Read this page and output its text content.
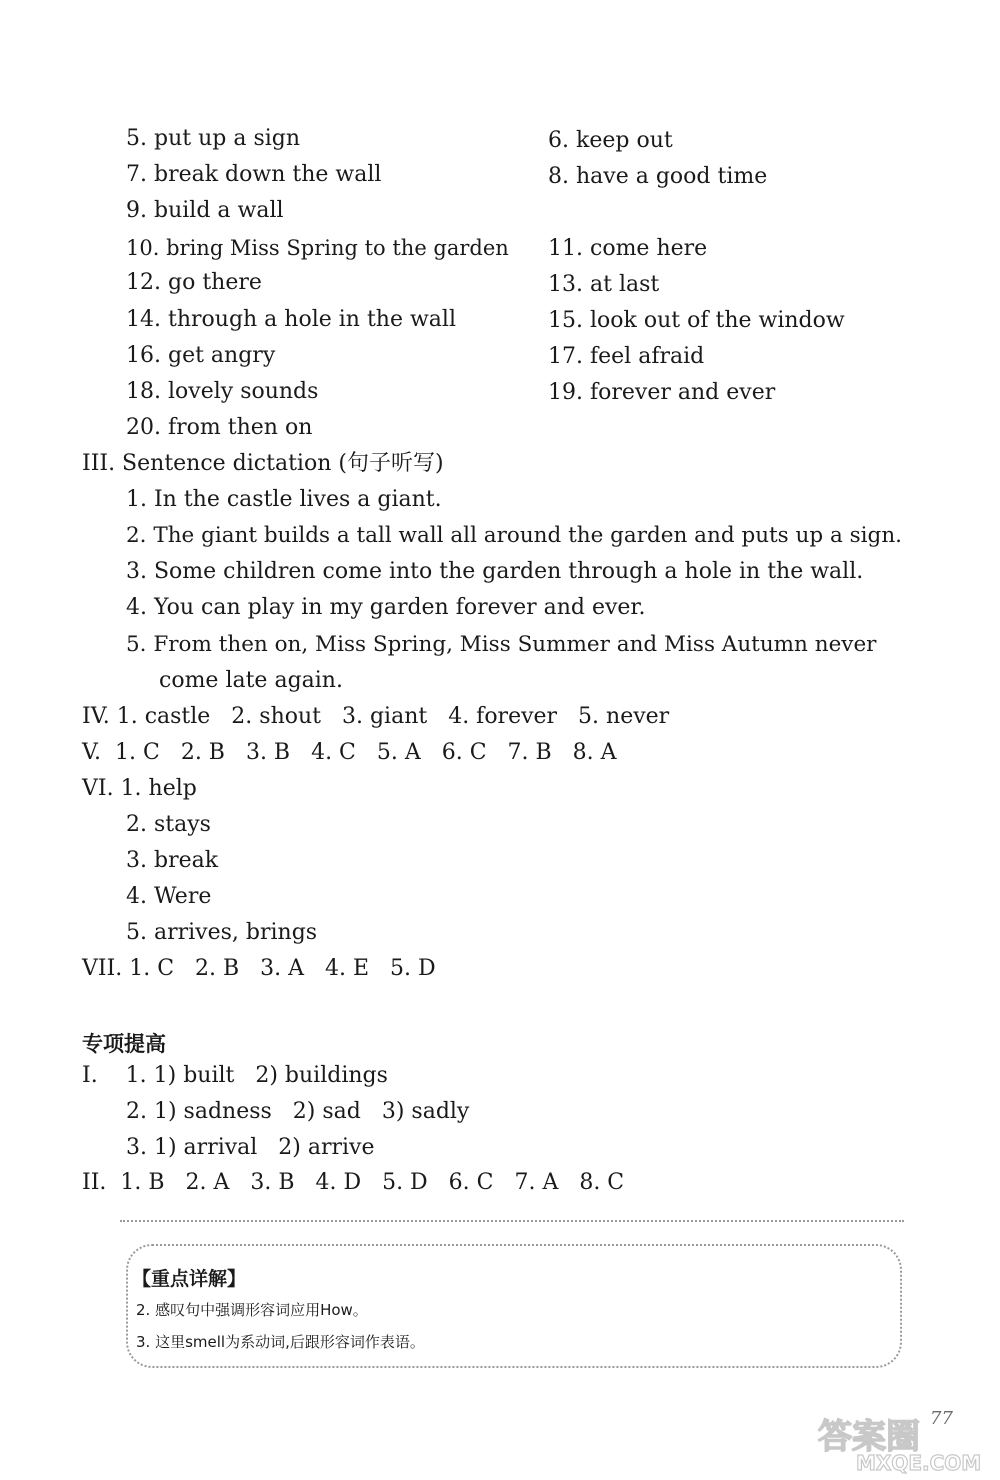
5. put up a sign	6. keep out
7. break down the wall	8. have a good time
9. build a wall
10. bring Miss Spring to the garden 11. come here
12. go there	13. at last
14. through a hole in the wall	15. look out of the window
16. get angry	17. feel afraid
18. lovely sounds	19. forever and ever
20. from then on
III. Sentence dictation (句子听写)
1. In the castle lives a giant.
2. The giant builds a tall wall all around the garden and puts up a sign.
3. Some children come into the garden through a hole in the wall.
4. You can play in my garden forever and ever.
5. From then on, Miss Spring, Miss Summer and Miss Autumn never
come late again.
IV. 1. castle   2. shout   3. giant   4. forever   5. never
V.  1. C   2. B   3. B   4. C   5. A   6. C   7. B   8. A
VI. 1. help
2. stays
3. break
4. Were
5. arrives, brings
VII. 1. C   2. B   3. A   4. E   5. D
专项提高
I.    1. 1) built   2) buildings
2. 1) sadness   2) sad   3) sadly
3. 1) arrival   2) arrive
II.  1. B   2. A   3. B   4. D   5. D   6. C   7. A   8. C
【重点详解】
2. 感叹句中强调形容词应用How。
3. 这里smell为系动词,后跟形容词作表语。
77
答案圈
MXQE.COM
